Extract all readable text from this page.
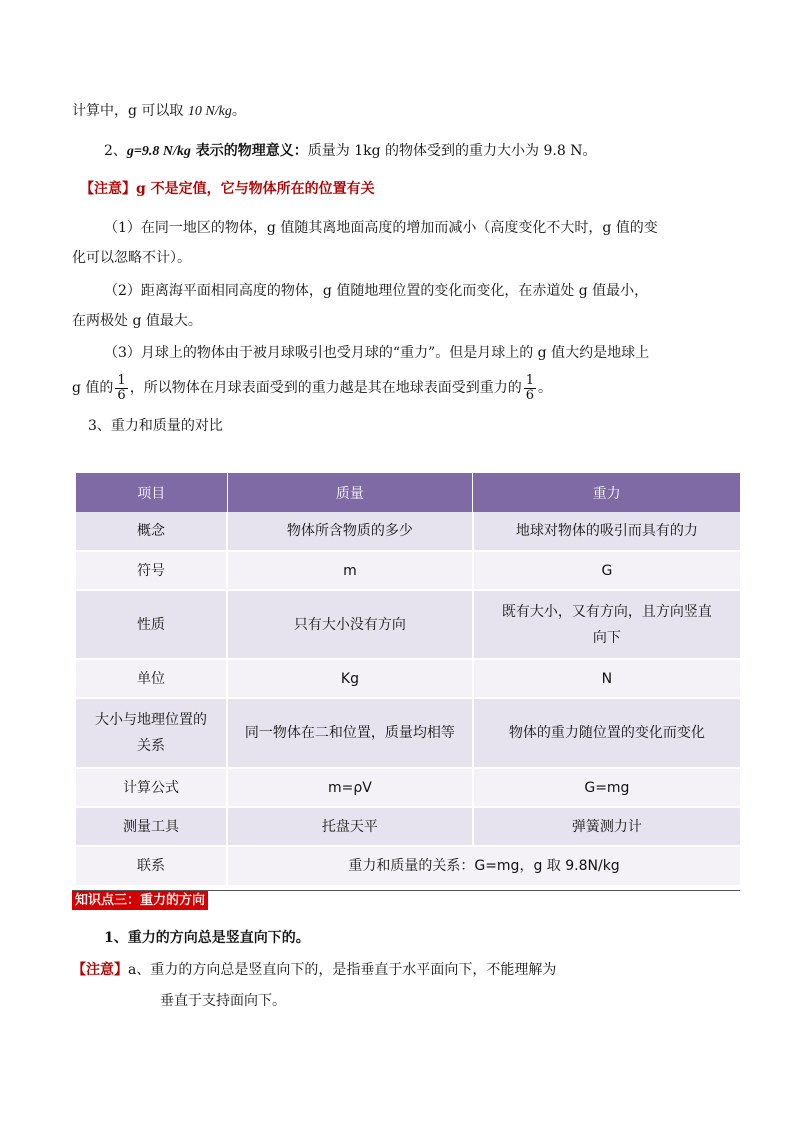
计算中，g 可以取 10 N/kg。
2、g=9.8 N/kg 表示的物理意义：质量为 1kg 的物体受到的重力大小为 9.8 N。
【注意】g 不是定值，它与物体所在的位置有关
（1）在同一地区的物体，g 值随其离地面高度的增加而减小（高度变化不大时，g 值的变
化可以忽略不计）。
（2）距离海平面相同高度的物体，g 值随地理位置的变化而变化，在赤道处 g 值最小，
在两极处 g 值最大。
（3）月球上的物体由于被月球吸引也受月球的“重力”。但是月球上的 g 值大约是地球上
g 值的 $\frac{1}{6}$ ，所以物体在月球表面受到的重力越是其在地球表面受到重力的 $\frac{1}{6}$ 。
3、重力和质量的对比
项目	质量	重力
概念	物体所含物质的多少	地球对物体的吸引而具有的力
符号	m	G
性质	只有大小没有方向	既有大小，又有方向，且方向竖直
向下
单位	Kg	N
大小与地理位置的
关系	同一物体在二和位置，质量均相等	物体的重力随位置的变化而变化
计算公式	m=ρV	G=mg
测量工具	托盘天平	弹簧测力计
联系	重力和质量的关系：G=mg，g 取 9.8N/kg	
知识点三：重力的方向
1、重力的方向总是竖直向下的。
【注意】a、重力的方向总是竖直向下的，是指垂直于水平面向下，不能理解为
垂直于支持面向下。
